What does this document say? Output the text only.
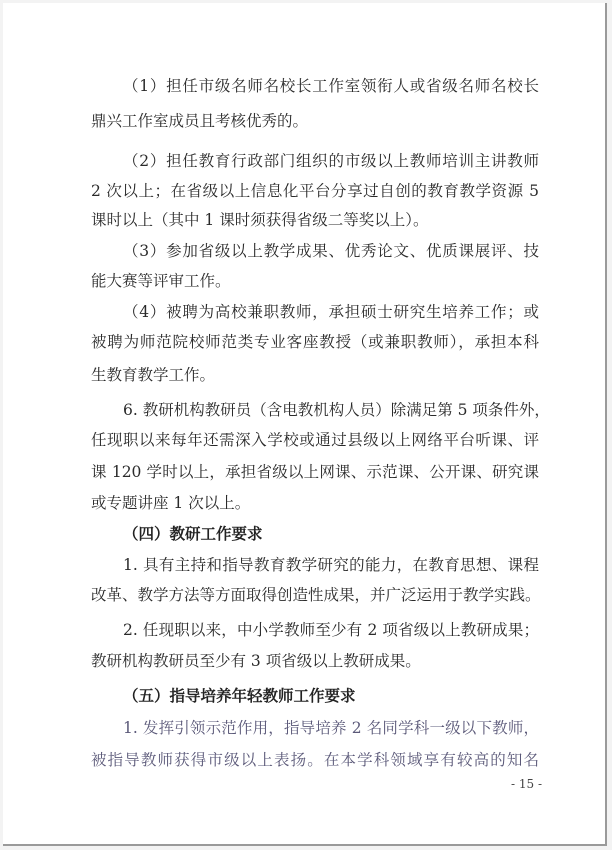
（1）担任市级名师名校长工作室领衔人或省级名师名校长
鼎兴工作室成员且考核优秀的。
（2）担任教育行政部门组织的市级以上教师培训主讲教师
2 次以上；在省级以上信息化平台分享过自创的教育教学资源 5
课时以上（其中 1 课时须获得省级二等奖以上）。
（3）参加省级以上教学成果、优秀论文、优质课展评、技
能大赛等评审工作。
（4）被聘为高校兼职教师，承担硕士研究生培养工作；或
被聘为师范院校师范类专业客座教授（或兼职教师），承担本科
生教育教学工作。
6. 教研机构教研员（含电教机构人员）除满足第 5 项条件外，
任现职以来每年还需深入学校或通过县级以上网络平台听课、评
课 120 学时以上，承担省级以上网课、示范课、公开课、研究课
或专题讲座 1 次以上。
（四）教研工作要求
1. 具有主持和指导教育教学研究的能力，在教育思想、课程
改革、教学方法等方面取得创造性成果，并广泛运用于教学实践。
2. 任现职以来，中小学教师至少有 2 项省级以上教研成果；
教研机构教研员至少有 3 项省级以上教研成果。
（五）指导培养年轻教师工作要求
1. 发挥引领示范作用，指导培养 2 名同学科一级以下教师，
被指导教师获得市级以上表扬。在本学科领域享有较高的知名
- 15 -
